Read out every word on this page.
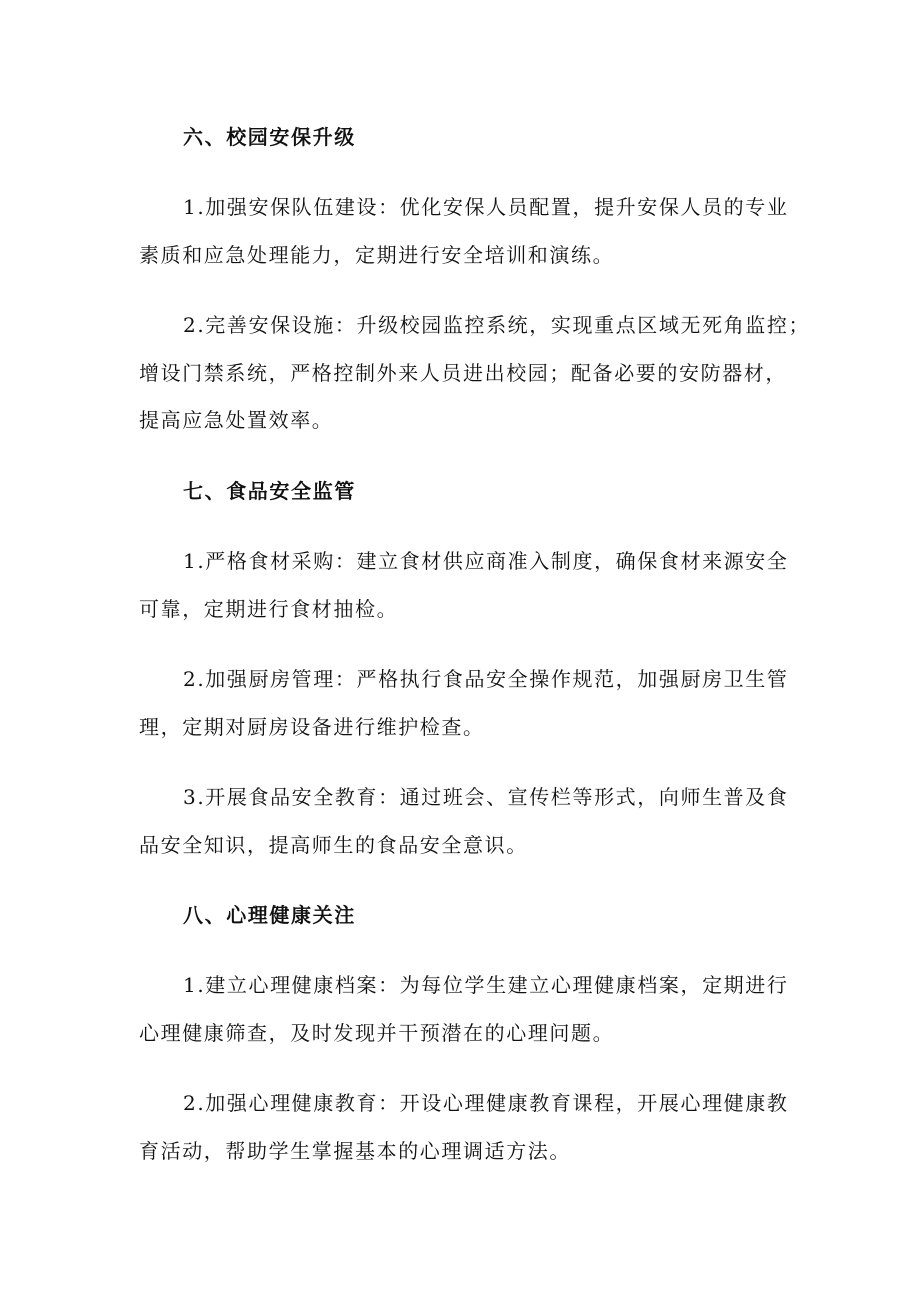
六、校园安保升级
1.加强安保队伍建设：优化安保人员配置，提升安保人员的专业
素质和应急处理能力，定期进行安全培训和演练。
2.完善安保设施：升级校园监控系统，实现重点区域无死角监控；
增设门禁系统，严格控制外来人员进出校园；配备必要的安防器材，
提高应急处置效率。
七、食品安全监管
1.严格食材采购：建立食材供应商准入制度，确保食材来源安全
可靠，定期进行食材抽检。
2.加强厨房管理：严格执行食品安全操作规范，加强厨房卫生管
理，定期对厨房设备进行维护检查。
3.开展食品安全教育：通过班会、宣传栏等形式，向师生普及食
品安全知识，提高师生的食品安全意识。
八、心理健康关注
1.建立心理健康档案：为每位学生建立心理健康档案，定期进行
心理健康筛查，及时发现并干预潜在的心理问题。
2.加强心理健康教育：开设心理健康教育课程，开展心理健康教
育活动，帮助学生掌握基本的心理调适方法。
